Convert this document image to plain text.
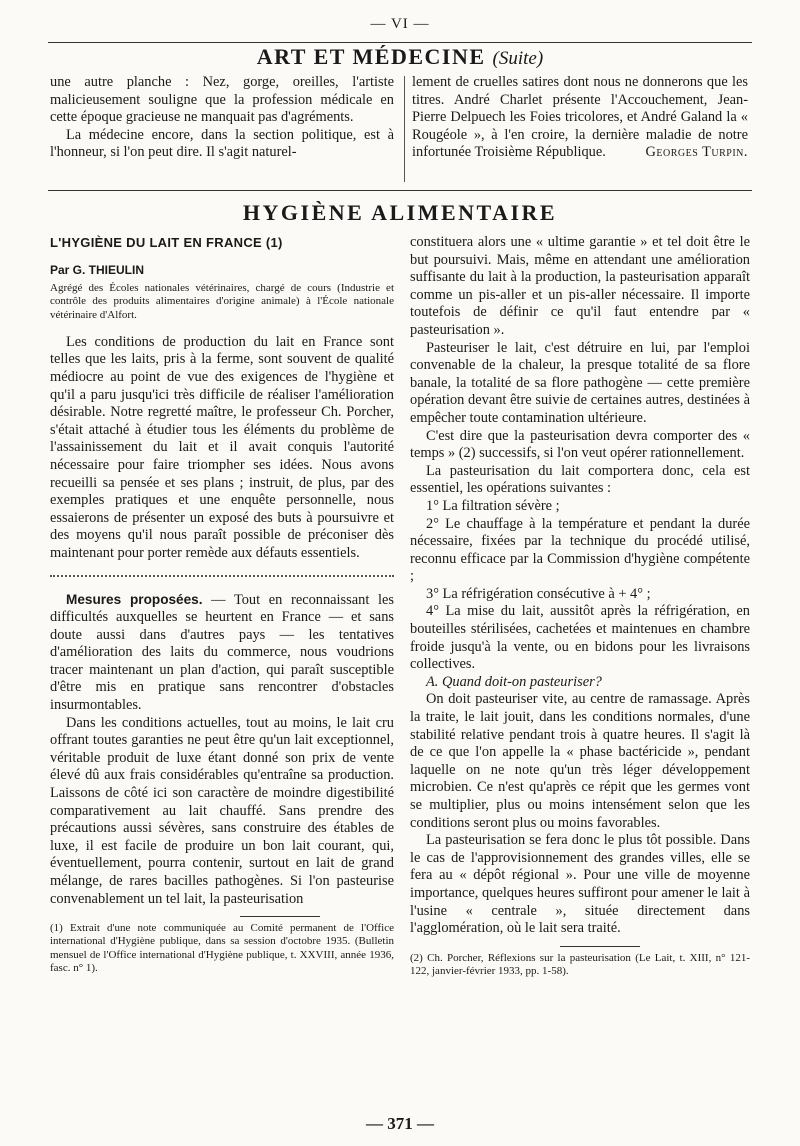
— VI —
ART ET MÉDECINE (Suite)

une autre planche : Nez, gorge, oreilles, l'artiste malicieusement souligne que la profession médicale en cette époque gracieuse ne manquait pas d'agréments.

La médecine encore, dans la section politique, est à l'honneur, si l'on peut dire. Il s'agit naturel-

lement de cruelles satires dont nous ne donnerons que les titres. André Charlet présente l'Accouchement, Jean-Pierre Delpuech les Foies tricolores, et André Galand la « Rougéole », à l'en croire, la dernière maladie de notre infortunée Troisième République.	Georges Turpin.

HYGIÈNE ALIMENTAIRE

L'HYGIÈNE DU LAIT EN FRANCE (1)

Par G. THIEULIN

Agrégé des Écoles nationales vétérinaires, chargé de cours (Industrie et contrôle des produits alimentaires d'origine animale) à l'École nationale vétérinaire d'Alfort.

Les conditions de production du lait en France sont telles que les laits, pris à la ferme, sont souvent de qualité médiocre au point de vue des exigences de l'hygiène et qu'il a paru jusqu'ici très difficile de réaliser l'amélioration désirable. Notre regretté maître, le professeur Ch. Porcher, s'était attaché à étudier tous les éléments du problème de l'assainissement du lait et il avait conquis l'autorité nécessaire pour faire triompher ses idées. Nous avons recueilli sa pensée et ses plans ; instruit, de plus, par des exemples pratiques et une enquête personnelle, nous essaierons de présenter un exposé des buts à poursuivre et des moyens qu'il nous paraît possible de préconiser dès maintenant pour porter remède aux défauts essentiels.

Mesures proposées. — Tout en reconnaissant les difficultés auxquelles se heurtent en France — et sans doute aussi dans d'autres pays — les tentatives d'amélioration des laits du commerce, nous voudrions tracer maintenant un plan d'action, qui paraît susceptible d'être mis en pratique sans rencontrer d'obstacles insurmontables.

Dans les conditions actuelles, tout au moins, le lait cru offrant toutes garanties ne peut être qu'un lait exceptionnel, véritable produit de luxe étant donné son prix de vente élevé dû aux frais considérables qu'entraîne sa production. Laissons de côté ici son caractère de moindre digestibilité comparativement au lait chauffé. Sans prendre des précautions aussi sévères, sans construire des étables de luxe, il est facile de produire un bon lait courant, qui, éventuellement, pourra contenir, surtout en lait de grand mélange, de rares bacilles pathogènes. Si l'on pasteurise convenablement un tel lait, la pasteurisation

(1) Extrait d'une note communiquée au Comité permanent de l'Office international d'Hygiène publique, dans sa session d'octobre 1935. (Bulletin mensuel de l'Office international d'Hygiène publique, t. XXVIII, année 1936, fasc. n° 1).

constituera alors une « ultime garantie » et tel doit être le but poursuivi. Mais, même en attendant une amélioration suffisante du lait à la production, la pasteurisation apparaît comme un pis-aller et un pis-aller nécessaire. Il importe toutefois de définir ce qu'il faut entendre par « pasteurisation ».

Pasteuriser le lait, c'est détruire en lui, par l'emploi convenable de la chaleur, la presque totalité de sa flore banale, la totalité de sa flore pathogène — cette première opération devant être suivie de certaines autres, destinées à empêcher toute contamination ultérieure.

C'est dire que la pasteurisation devra comporter des « temps » (2) successifs, si l'on veut opérer rationnellement.

La pasteurisation du lait comportera donc, cela est essentiel, les opérations suivantes :

1° La filtration sévère ;

2° Le chauffage à la température et pendant la durée nécessaire, fixées par la technique du procédé utilisé, reconnu efficace par la Commission d'hygiène compétente ;

3° La réfrigération consécutive à + 4° ;

4° La mise du lait, aussitôt après la réfrigération, en bouteilles stérilisées, cachetées et maintenues en chambre froide jusqu'à la vente, ou en bidons pour les livraisons collectives.

A. Quand doit-on pasteuriser?

On doit pasteuriser vite, au centre de ramassage. Après la traite, le lait jouit, dans les conditions normales, d'une stabilité relative pendant trois à quatre heures. Il s'agit là de ce que l'on appelle la « phase bactéricide », pendant laquelle on ne note qu'un très léger développement microbien. Ce n'est qu'après ce répit que les germes vont se multiplier, plus ou moins intensément selon que les conditions seront plus ou moins favorables.

La pasteurisation se fera donc le plus tôt possible. Dans le cas de l'approvisionnement des grandes villes, elle se fera au « dépôt régional ». Pour une ville de moyenne importance, quelques heures suffiront pour amener le lait à l'usine « centrale », située directement dans l'agglomération, où le lait sera traité.

(2) Ch. Porcher, Réflexions sur la pasteurisation (Le Lait, t. XIII, n° 121-122, janvier-février 1933, pp. 1-58).

— 371 —
